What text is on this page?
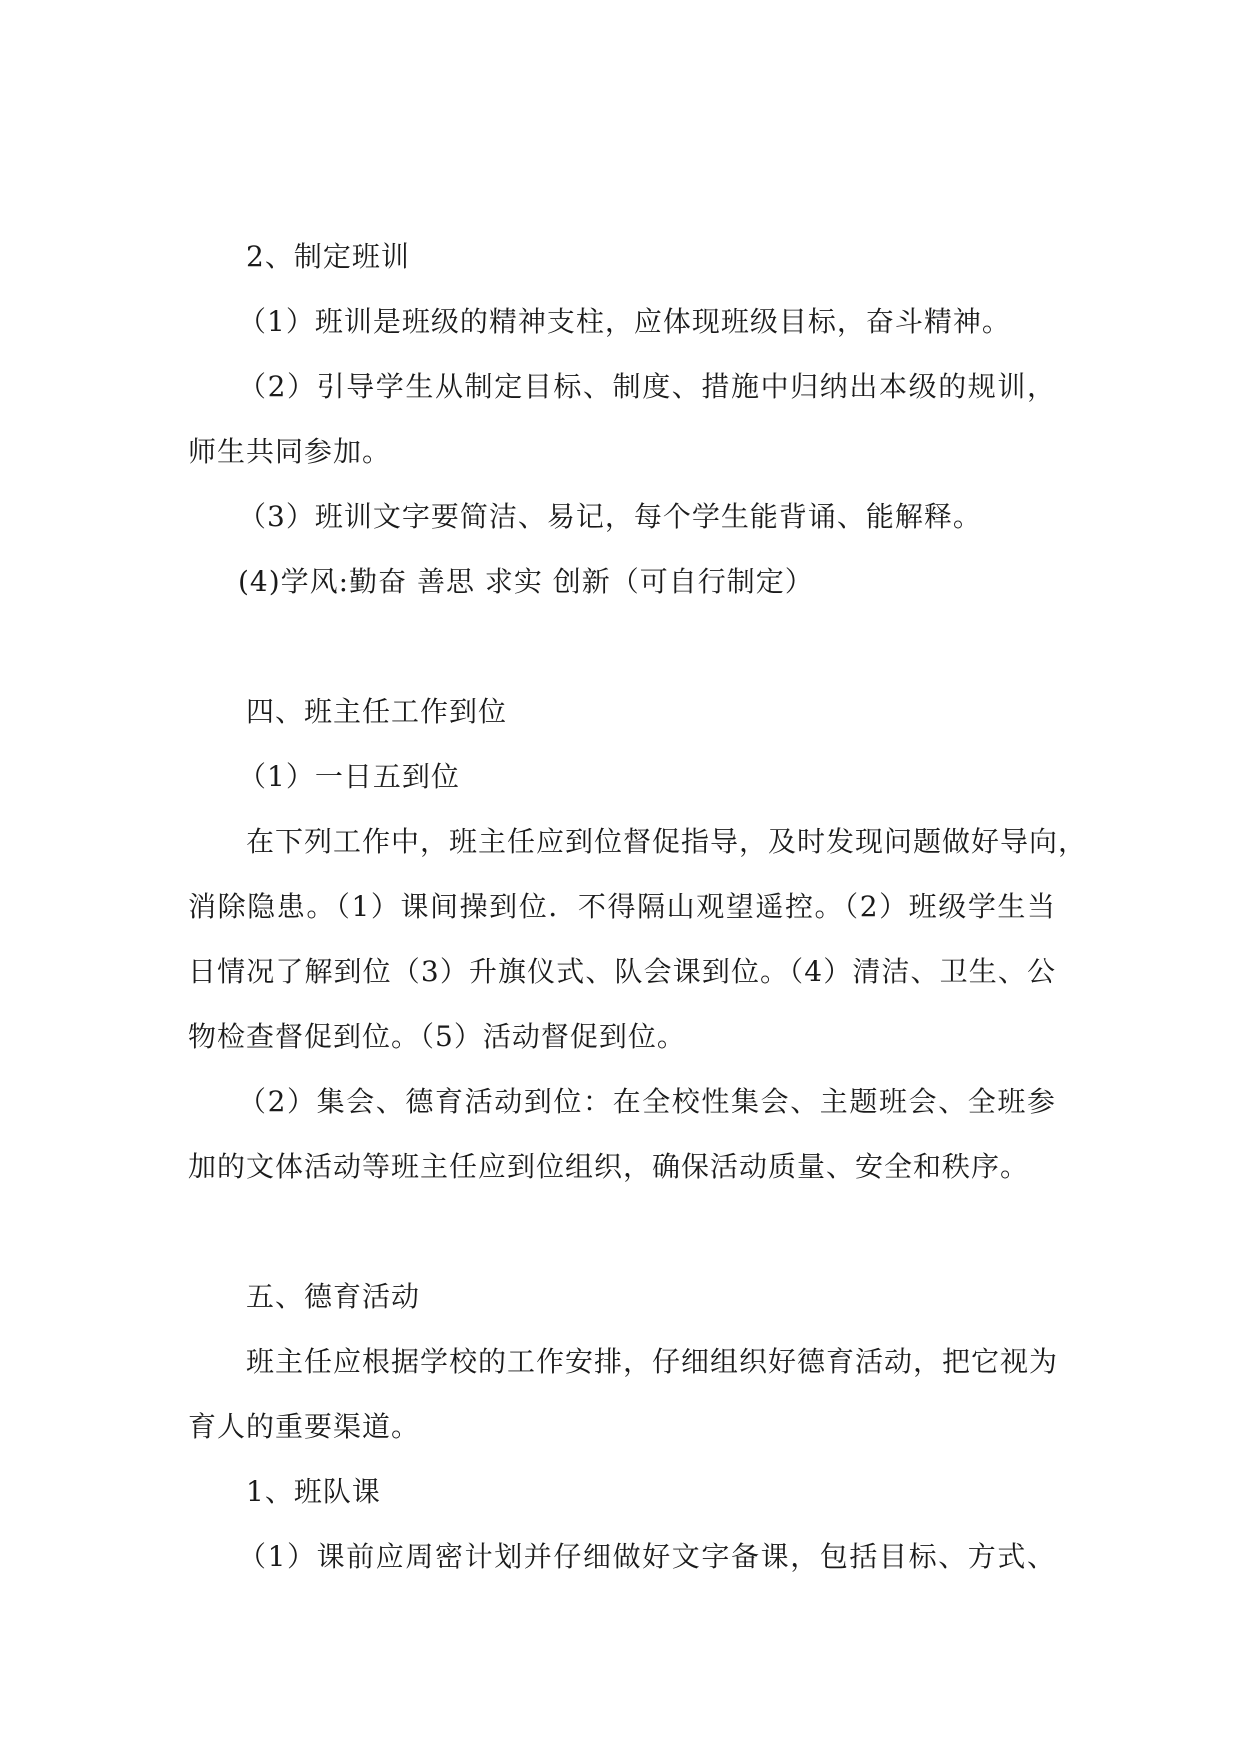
2、制定班训
（1）班训是班级的精神支柱，应体现班级目标，奋斗精神。
（2）引导学生从制定目标、制度、措施中归纳出本级的规训，
师生共同参加。
（3）班训文字要简洁、易记，每个学生能背诵、能解释。
(4)学风:勤奋 善思 求实 创新（可自行制定）
四、班主任工作到位
（1）一日五到位
在下列工作中，班主任应到位督促指导，及时发现问题做好导向，
消除隐患。（1）课间操到位．不得隔山观望遥控。（2）班级学生当
日情况了解到位（3）升旗仪式、队会课到位。（4）清洁、卫生、公
物检查督促到位。（5）活动督促到位。
（2）集会、德育活动到位：在全校性集会、主题班会、全班参
加的文体活动等班主任应到位组织，确保活动质量、安全和秩序。
五、德育活动
班主任应根据学校的工作安排，仔细组织好德育活动，把它视为
育人的重要渠道。
1、班队课
（1）课前应周密计划并仔细做好文字备课，包括目标、方式、
